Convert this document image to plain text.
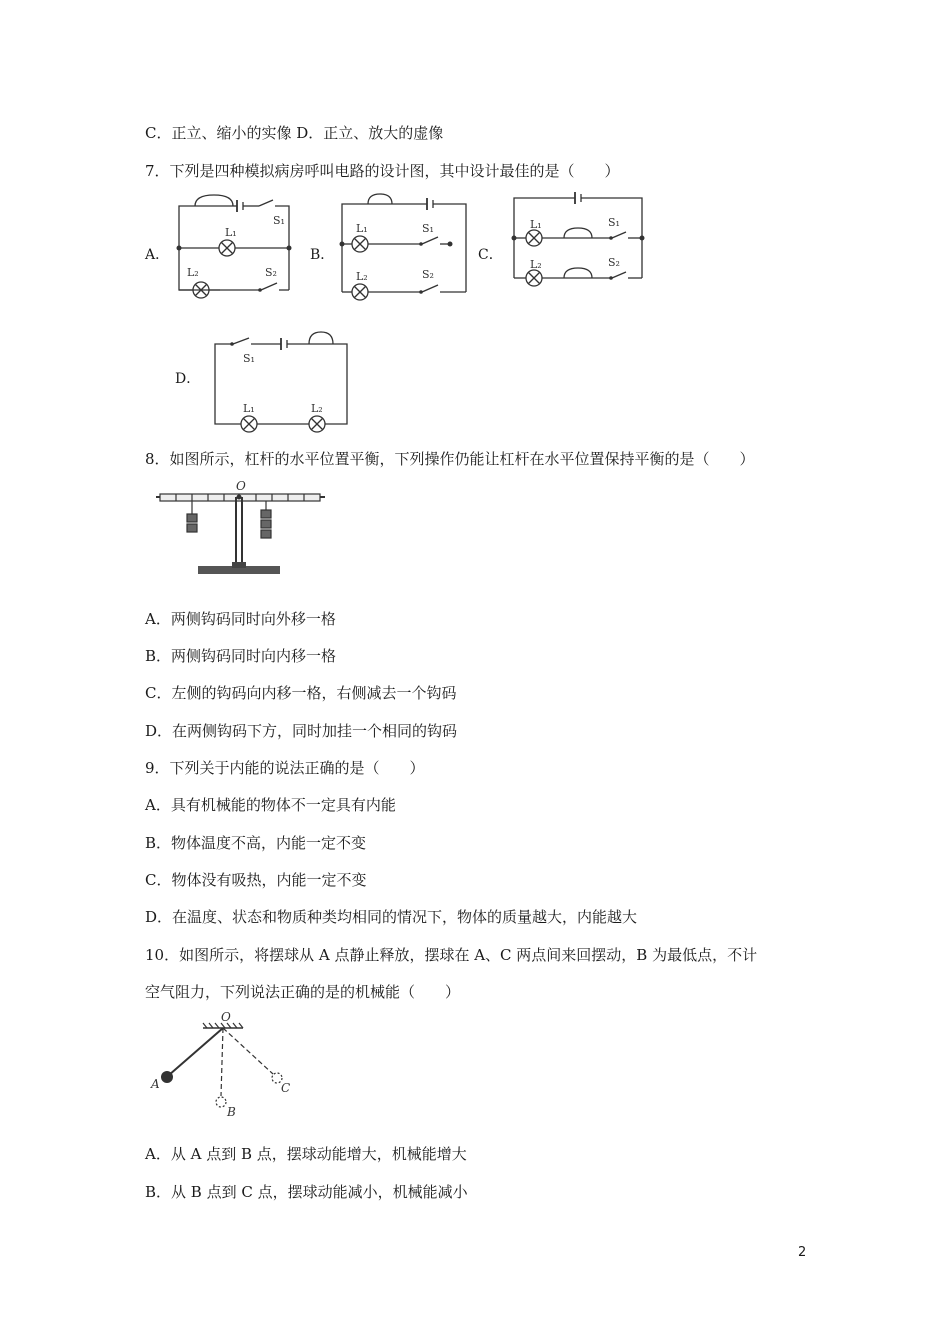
C．正立、缩小的实像 D．正立、放大的虚像
7．下列是四种模拟病房呼叫电路的设计图，其中设计最佳的是（　　）
A．
S₁
L₁
L₂	S₂
B．
L₁	S₁
L₂	S₂
C．
L₁	S₁
L₂	S₂
D．
S₁
L₁	L₂
8．如图所示，杠杆的水平位置平衡，下列操作仍能让杠杆在水平位置保持平衡的是（　　）
O
A．两侧钩码同时向外移一格
B．两侧钩码同时向内移一格
C．左侧的钩码向内移一格，右侧减去一个钩码
D．在两侧钩码下方，同时加挂一个相同的钩码
9．下列关于内能的说法正确的是（　　）
A．具有机械能的物体不一定具有内能
B．物体温度不高，内能一定不变
C．物体没有吸热，内能一定不变
D．在温度、状态和物质种类均相同的情况下，物体的质量越大，内能越大
10．如图所示，将摆球从 A 点静止释放，摆球在 A、C 两点间来回摆动，B 为最低点，不计
空气阻力，下列说法正确的是的机械能（　　）
O
A
B
C
A．从 A 点到 B 点，摆球动能增大，机械能增大
B．从 B 点到 C 点，摆球动能减小，机械能减小
2
